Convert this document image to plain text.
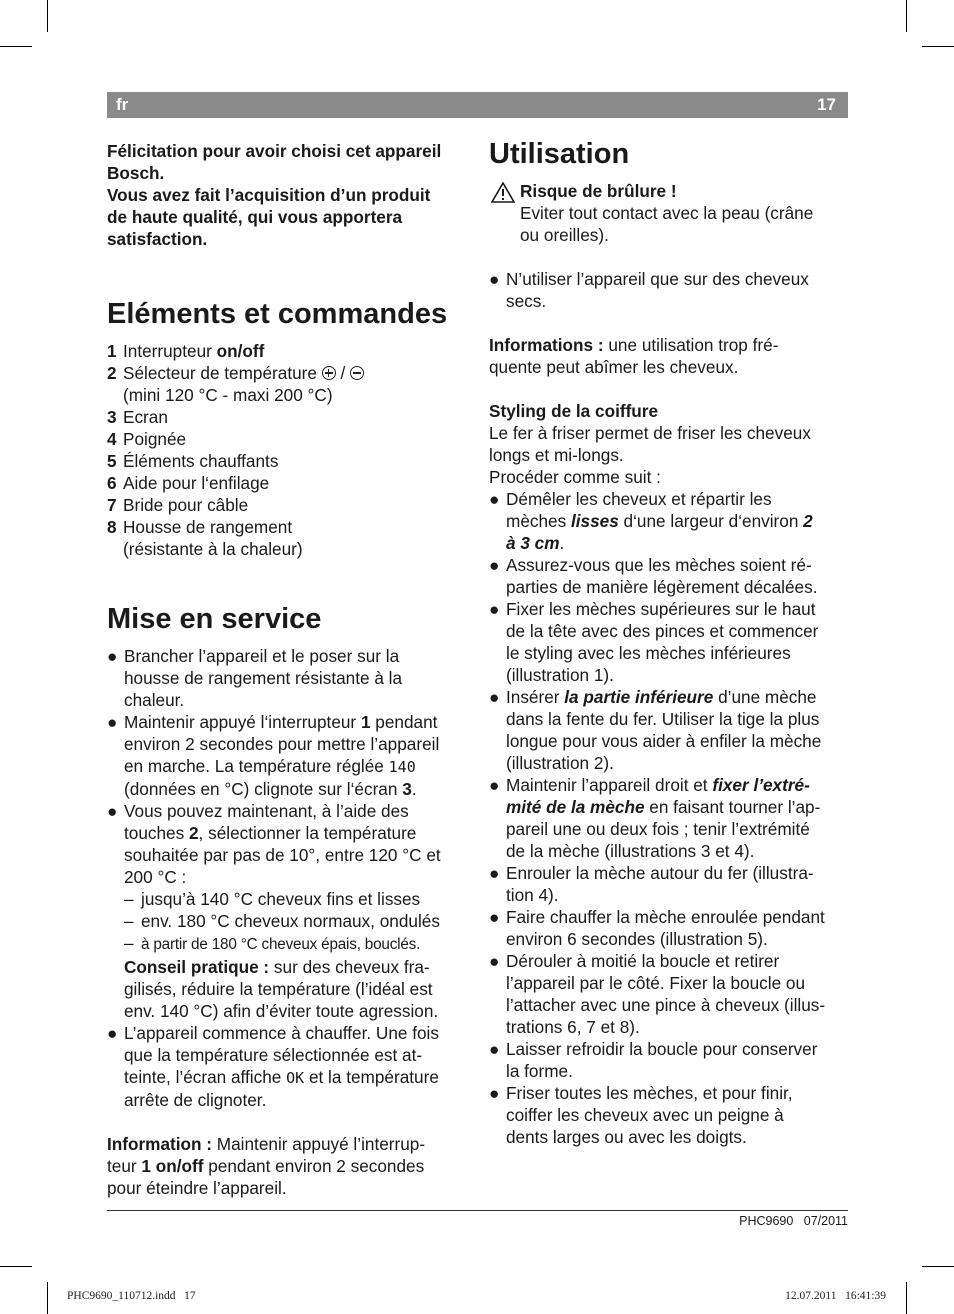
fr	17

Félicitation pour avoir choisi cet appareil

Bosch.

Vous avez fait l’acquisition d’un produit

de haute qualité, qui vous apportera

satisfaction.

Eléments et commandes
1 Interrupteur on/off
2 Sélecteur de température  /
(mini 120 °C - maxi 200 °C)
3 Ecran
4 Poignée
5 Éléments chauffants
6 Aide pour l‘enfilage
7 Bride pour câble
8 Housse de rangement
(résistante à la chaleur)
Mise en service
● Brancher l’appareil et le poser sur la

housse de rangement résistante à la

chaleur.

● Maintenir appuyé l‘interrupteur 1 pendant

environ 2 secondes pour mettre l’appareil

en marche. La température réglée 140

(données en °C) clignote sur l‘écran 3.

● Vous pouvez maintenant, à l’aide des

touches 2, sélectionner la température

souhaitée par pas de 10°, entre 120 °C et

200 °C :

– jusqu’à 140 °C cheveux fins et lisses
– env. 180 °C cheveux normaux, ondulés
– à partir de 180 °C cheveux épais, bouclés.

Conseil pratique : sur des cheveux fra-

gilisés, réduire la température (l’idéal est

env. 140 °C) afin d’éviter toute agression.

● L’appareil commence à chauffer. Une fois

que la température sélectionnée est at-

teinte, l’écran affiche OK et la température

arrête de clignoter.

Information : Maintenir appuyé l’interrup-

teur 1 on/off pendant environ 2 secondes

pour éteindre l’appareil.

Utilisation

Risque de brûlure !

Eviter tout contact avec la peau (crâne

ou oreilles).

● N’utiliser l’appareil que sur des cheveux

secs.

Informations : une utilisation trop fré-

quente peut abîmer les cheveux.

Styling de la coiffure

Le fer à friser permet de friser les cheveux

longs et mi-longs.

Procéder comme suit :

● Démêler les cheveux et répartir les

mèches lisses d‘une largeur d‘environ 2

à 3 cm.

● Assurez-vous que les mèches soient ré-

parties de manière légèrement décalées.

● Fixer les mèches supérieures sur le haut

de la tête avec des pinces et commencer

le styling avec les mèches inférieures

(illustration 1).

● Insérer la partie inférieure d’une mèche

dans la fente du fer. Utiliser la tige la plus

longue pour vous aider à enfiler la mèche

(illustration 2).

● Maintenir l’appareil droit et fixer l’extré-

mité de la mèche en faisant tourner l’ap-

pareil une ou deux fois ; tenir l’extrémité

de la mèche (illustrations 3 et 4).

● Enrouler la mèche autour du fer (illustra-

tion 4).

● Faire chauffer la mèche enroulée pendant

environ 6 secondes (illustration 5).

● Dérouler à moitié la boucle et retirer

l’appareil par le côté. Fixer la boucle ou

l’attacher avec une pince à cheveux (illus-

trations 6, 7 et 8).

● Laisser refroidir la boucle pour conserver

la forme.

● Friser toutes les mèches, et pour finir,

coiffer les cheveux avec un peigne à

dents larges ou avec les doigts.

PHC9690   07/2011
PHC9690_110712.indd   17	12.07.2011   16:41:39
